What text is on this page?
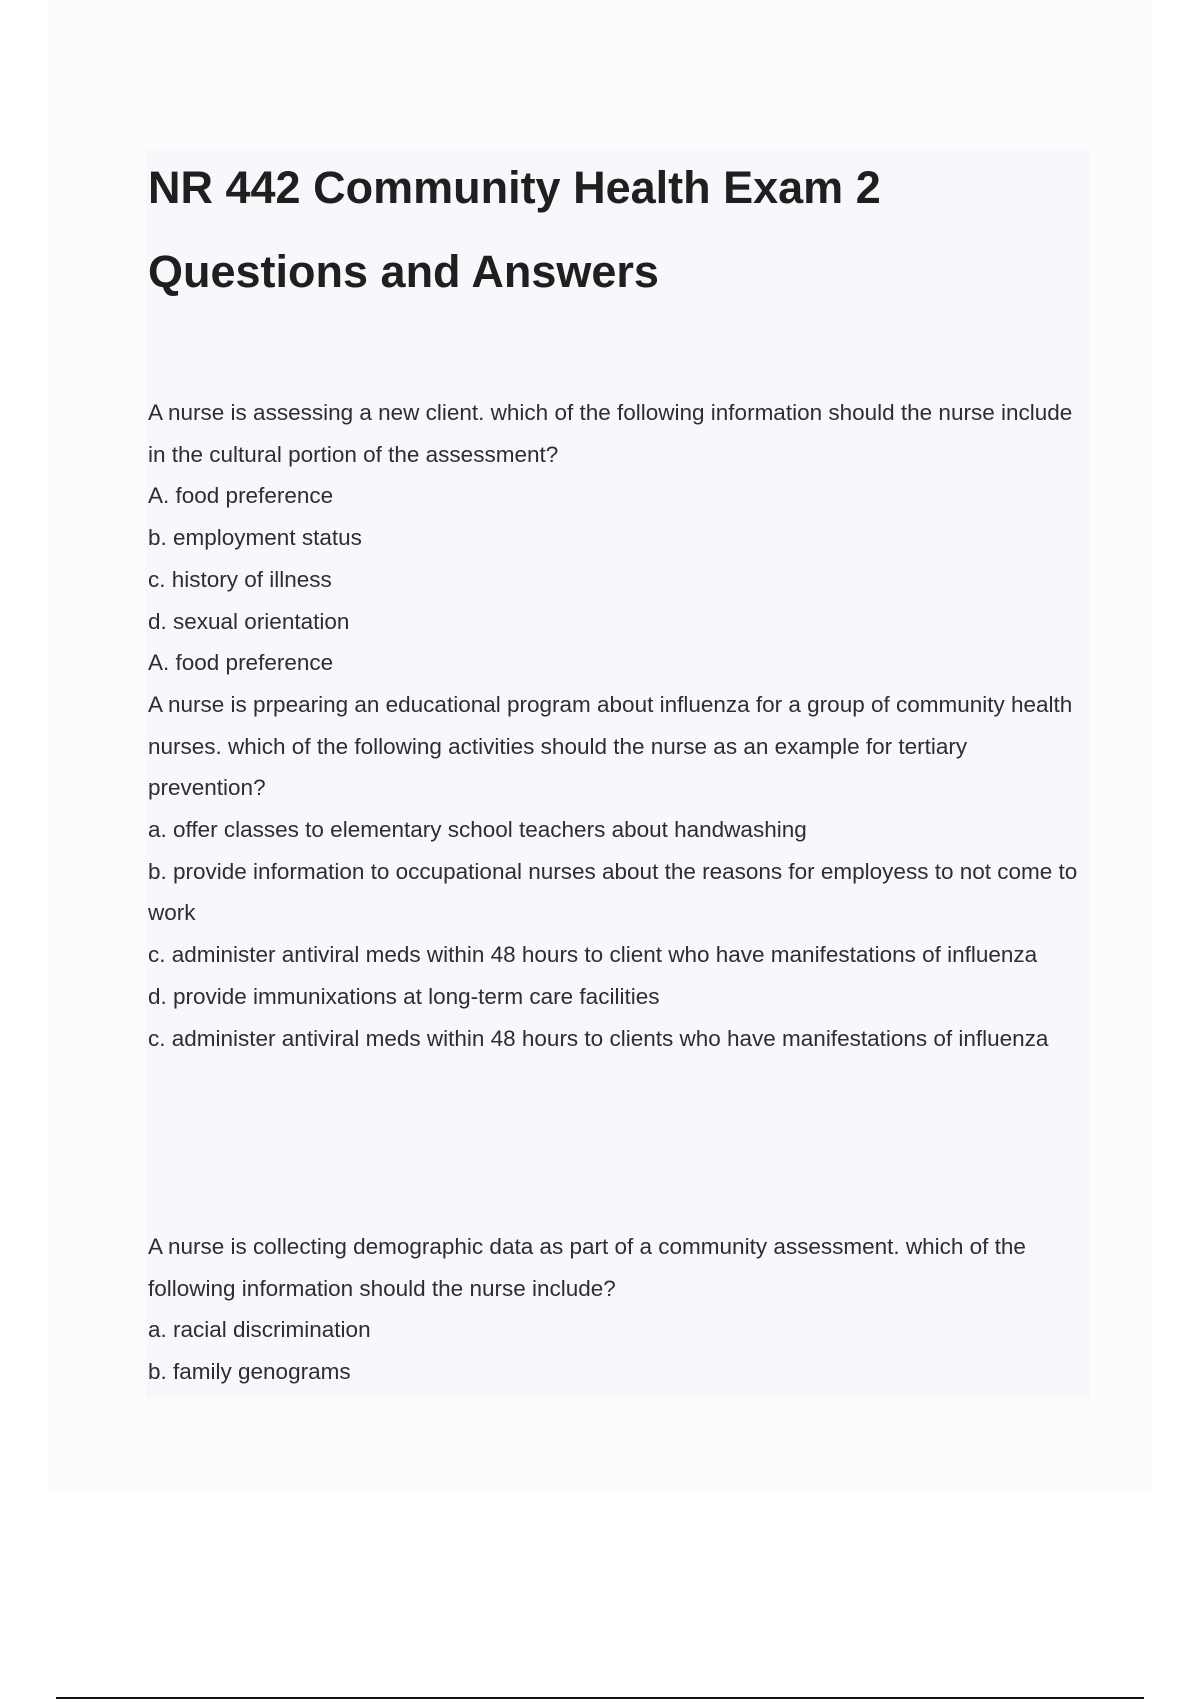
NR 442 Community Health Exam 2 Questions and Answers

A nurse is assessing a new client. which of the following information should the nurse include in the cultural portion of the assessment?

A. food preference

b. employment status

c. history of illness

d. sexual orientation

A. food preference

A nurse is prpearing an educational program about influenza for a group of community health nurses. which of the following activities should the nurse as an example for tertiary prevention?

a. offer classes to elementary school teachers about handwashing

b. provide information to occupational nurses about the reasons for employess to not come to work

c. administer antiviral meds within 48 hours to client who have manifestations of influenza

d. provide immunixations at long-term care facilities

c. administer antiviral meds within 48 hours to clients who have manifestations of influenza

A nurse is collecting demographic data as part of a community assessment. which of the following information should the nurse include?

a. racial discrimination

b. family genograms
